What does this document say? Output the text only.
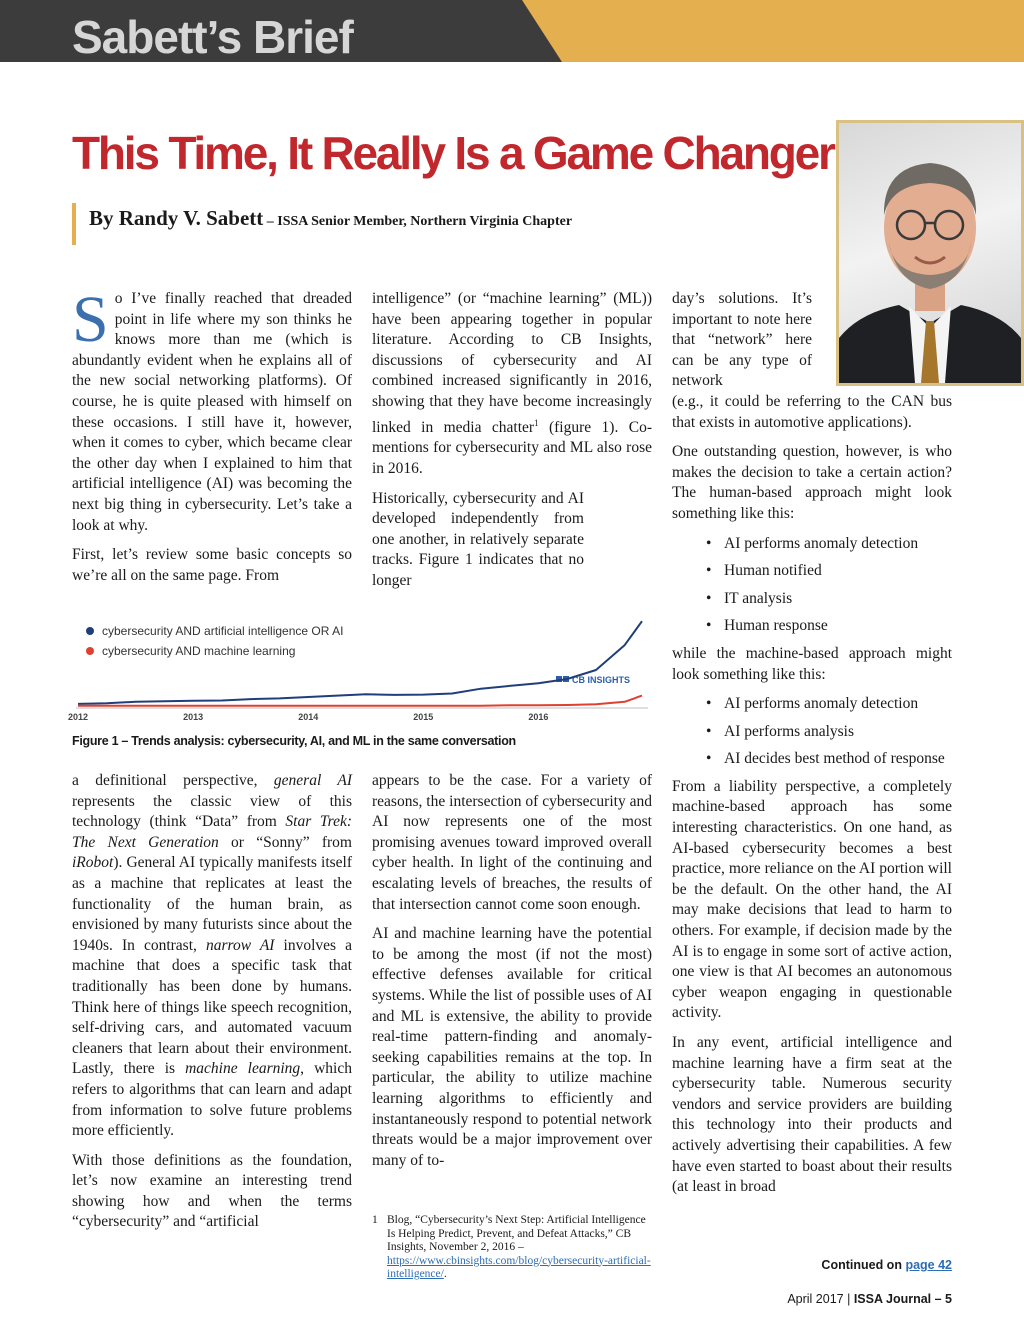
Sabett’s Brief
This Time, It Really Is a Game Changer
By Randy V. Sabett – ISSA Senior Member, Northern Virginia Chapter

So I’ve finally reached that dreaded point in life where my son thinks he knows more than me (which is abundantly evident when he explains all of the new social networking platforms). Of course, he is quite pleased with himself on these occasions. I still have it, however, when it comes to cyber, which became clear the other day when I explained to him that artificial intelligence (AI) was becoming the next big thing in cybersecurity. Let’s take a look at why.

First, let’s review some basic concepts so we’re all on the same page. From

intelligence” (or “machine learning” (ML)) have been appearing together in popular literature. According to CB Insights, discussions of cybersecurity and AI combined increased significantly in 2016, showing that they have become increasingly linked in media chatter$^1$ (figure 1). Co-mentions for cybersecurity and ML also rose in 2016.

Historically, cybersecurity and AI developed independently from one another, in relatively separate tracks. Figure 1 indicates that no longer

cybersecurity AND artificial intelligence OR AI
cybersecurity AND machine learning
CB INSIGHTS
2012	2013	2014	2015	2016
Figure 1 – Trends analysis: cybersecurity, AI, and ML in the same conversation

a definitional perspective, general AI represents the classic view of this technology (think “Data” from Star Trek: The Next Generation or “Sonny” from iRobot). General AI typically manifests itself as a machine that replicates at least the functionality of the human brain, as envisioned by many futurists since about the 1940s. In contrast, narrow AI involves a machine that does a specific task that traditionally has been done by humans. Think here of things like speech recognition, self-driving cars, and automated vacuum cleaners that learn about their environment. Lastly, there is machine learning, which refers to algorithms that can learn and adapt from information to solve future problems more efficiently.

With those definitions as the foundation, let’s now examine an interesting trend showing how and when the terms “cybersecurity” and “artificial

appears to be the case. For a variety of reasons, the intersection of cybersecurity and AI now represents one of the most promising avenues toward improved overall cyber health. In light of the continuing and escalating levels of breaches, the results of that intersection cannot come soon enough.

AI and machine learning have the potential to be among the most (if not the most) effective defenses available for critical systems. While the list of possible uses of AI and ML is extensive, the ability to provide real-time pattern-finding and anomaly-seeking capabilities remains at the top. In particular, the ability to utilize machine learning algorithms to efficiently and instantaneously respond to potential network threats would be a major improvement over many of to-

1 Blog, “Cybersecurity’s Next Step: Artificial Intelligence Is Helping Predict, Prevent, and Defeat Attacks,” CB Insights, November 2, 2016 – https://www.cbinsights.com/blog/cybersecurity-artificial-intelligence/.

day’s solutions. It’s important to note here that “network” here can be any type of network
(e.g., it could be referring to the CAN bus that exists in automotive applications).

One outstanding question, however, is who makes the decision to take a certain action? The human-based approach might look something like this:

• AI performs anomaly detection
• Human notified
• IT analysis
• Human response

while the machine-based approach might look something like this:

• AI performs anomaly detection
• AI performs analysis
• AI decides best method of response

From a liability perspective, a completely machine-based approach has some interesting characteristics. On one hand, as AI-based cybersecurity becomes a best practice, more reliance on the AI portion will be the default. On the other hand, the AI may make decisions that lead to harm to others. For example, if decision made by the AI is to engage in some sort of active action, one view is that AI becomes an autonomous cyber weapon engaging in questionable activity.

In any event, artificial intelligence and machine learning have a firm seat at the cybersecurity table. Numerous security vendors and service providers are building this technology into their products and actively advertising their capabilities. A few have even started to boast about their results (at least in broad

Continued on page 42
April 2017 | ISSA Journal – 5
